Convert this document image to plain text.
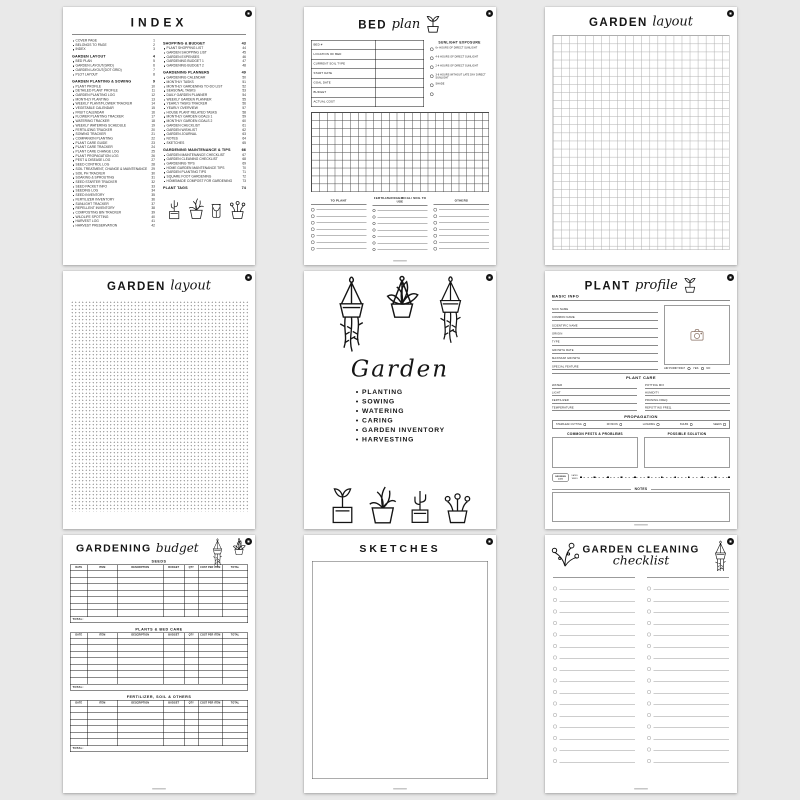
INDEX
COVER PAGE	1
BELONGS TO PAGE	2
INDEX	3
GARDEN LAYOUT	4
BED PLAN	5
GARDEN LAYOUT(GRID)	6
GARDEN LAYOUT(DOT GRID)	7
PLOT LAYOUT	8
GARDEN PLANTING & SOWING	9
PLANT PROFILE	10
DETAILED PLANT PROFILE	11
GARDEN PLANTING LOG	12
MONTHLY PLANTING	13
WEEKLY PLANT/FLOWER TRACKER	14
VEGETABLE CALENDAR	15
FRUIT CALENDAR	16
FLOWER PLANTING TRACKER	17
WATERING TRACKER	18
WEEKLY WATERING SCHEDULE	19
FERTILIZING TRACKER	20
SOWING TRACKER	21
COMPANION PLANTING	22
PLANT CARE GUIDE	23
PLANT CARE TRACKER	24
PLANT CARE CHANGE LOG	25
PLANT PROPAGATION LOG	26
PEST & DISEASE LOG	27
SEED CONTROL LOG	28
SOIL TREATMENT, CHANGE & MAINTENANCE 29
SOIL PH TRACKER	30
SOAKING & SPROUTING	31
SEED STARTER TRACKER	32
SEED PACKET INFO	33
SEEDING LOG	34
SEED INVENTORY	35
FERTILIZER INVENTORY	36
SUNLIGHT TRACKER	37
REPELLENT INVENTORY	38
COMPOSTING BIN TRACKER	39
WILDLIFE SPOTTING	40
HARVEST LOG	41
HARVEST PRESERVATION	42
SHOPPING & BUDGET	43
PLANT SHOPPING LIST	44
GARDEN SHOPPING LIST	45
GARDEN EXPENSES	46
GARDENING BUDGET 1	47
GARDENING BUDGET 2	48
GARDENING PLANNERS	49
GARDENING CALENDAR	50
MONTHLY TASKS	51
MONTHLY GARDENING TO-DO LIST	52
SEASONAL TASKS	53
DAILY GARDEN PLANNER	54
WEEKLY GARDEN PLANNER	55
YEARLY TASKS TRACKER	56
YEARLY OVERVIEW	57
HOUSE PLANT RELATED TASKS	58
MONTHLY GARDEN GOALS 1	59
MONTHLY GARDEN GOALS 2	60
GARDEN CHECKLIST	61
GARDEN WISHLIST	62
GARDEN JOURNAL	63
NOTES	64
SKETCHES	65
GARDENING MAINTENANCE & TIPS	66
GARDEN MAINTENANCE CHECKLIST	67
GARDEN CLEANING CHECKLIST	68
GARDENING TIPS	69
HOME GARDEN MAINTENANCE TIPS	70
GARDEN PLANTING TIPS	71
SQUARE FOOT GARDENING	72
HOMEMADE COMPOST FOR GARDENING	73
PLANT TAGS	74
BED plan
BED #
LOCATION OF BED
CURRENT SOIL TYPE
START DATE
GOAL DATE
BUDGET
ACTUAL COST
SUNLIGHT EXPOSURE
6+ HOURS OF DIRECT SUNLIGHT
4-6 HOURS OF DIRECT SUNLIGHT
2-4 HOURS OF DIRECT SUNLIGHT
3-6 HOURS WITHOUT LATE DAY DIRECT SUNLIGHT
SHADE
TO PLANT
FERTILIZER/CHEMICAL/ SOIL TO USE	OTHERS
GARDEN layout
GARDEN layout
Garden
PLANTING
SOWING
WATERING
CARING
GARDEN INVENTORY
HARVESTING
PLANT profile
BASIC INFO
NICK NAME
COMMON NAME
SCIENTIFIC NAME
ORIGIN
TYPE
GROWTH RATE
MAXIMUM GROWTH
SPECIAL FEATURE
AIR PURIFYING? YES NO
PLANT CARE
WATER
LIGHT
FERTILIZER
TEMPERATURE
POTTING MIX
HUMIDITY
PRUNING FREQ.
REPOTTING FREQ.
PROPAGATION
STEM/LEAF CUTTING	DIVISION	LAYERING	BULBS	SEEDS
COMMON PESTS & PROBLEMS	POSSIBLE SOLUTION
GROWING LOG
DATES
TASKS
NOTES
GARDENING budget
SEEDS
DATE	ITEM	DESCRIPTION	BUDGET	QTY	COST PER ITEM	TOTAL
TOTAL:
PLANTS & BED CARE
DATE	ITEM	DESCRIPTION	BUDGET	QTY	COST PER ITEM	TOTAL
TOTAL:
FERTILIZER, SOIL & OTHERS
DATE	ITEM	DESCRIPTION	BUDGET	QTY	COST PER ITEM	TOTAL
TOTAL:
SKETCHES	GARDEN CLEANING
checklist
